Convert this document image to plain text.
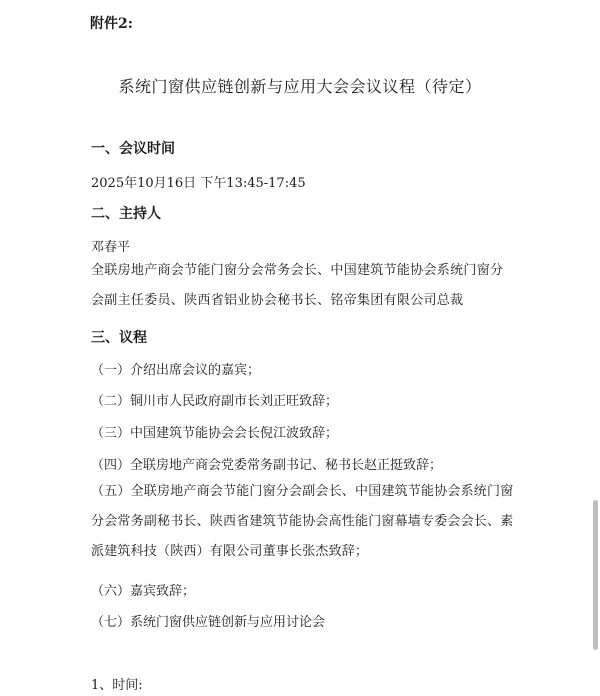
附件2:
系统门窗供应链创新与应用大会会议议程（待定）
一、会议时间
2025年10月16日 下午13:45-17:45
二、主持人
邓春平
全联房地产商会节能门窗分会常务会长、中国建筑节能协会系统门窗分会副主任委员、陕西省铝业协会秘书长、铭帝集团有限公司总裁
三、议程
（一）介绍出席会议的嘉宾；
（二）铜川市人民政府副市长刘正旺致辞；
（三）中国建筑节能协会会长倪江波致辞；
（四）全联房地产商会党委常务副书记、秘书长赵正挺致辞；
（五）全联房地产商会节能门窗分会副会长、中国建筑节能协会系统门窗分会常务副秘书长、陕西省建筑节能协会高性能门窗幕墙专委会会长、素派建筑科技（陕西）有限公司董事长张杰致辞；
（六）嘉宾致辞；
（七）系统门窗供应链创新与应用讨论会
1、时间:
